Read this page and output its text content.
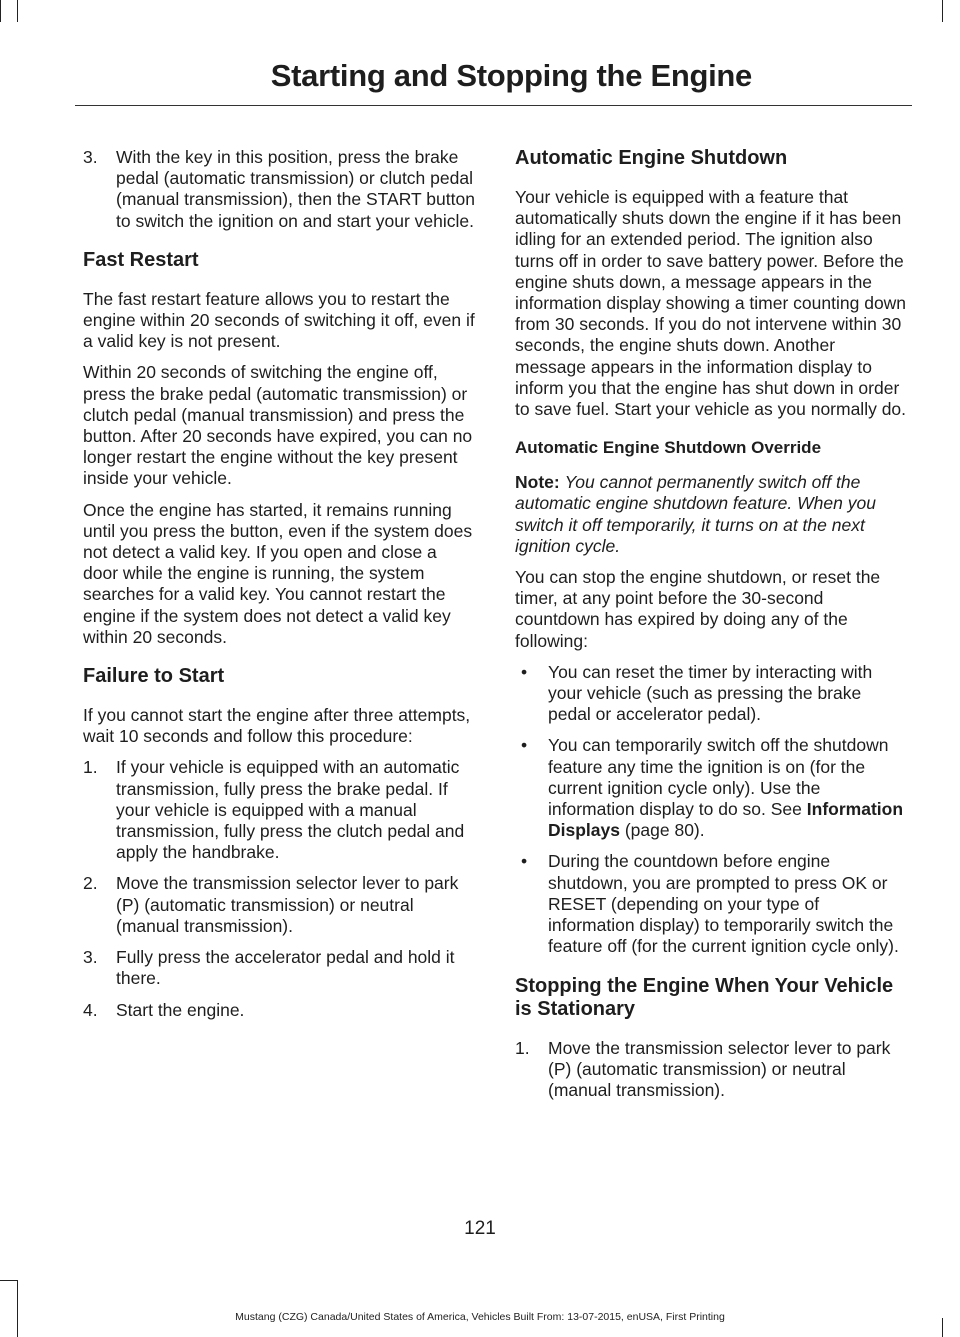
Starting and Stopping the Engine
3. With the key in this position, press the brake pedal (automatic transmission) or clutch pedal (manual transmission), then the START button to switch the ignition on and start your vehicle.
Fast Restart

The fast restart feature allows you to restart the engine within 20 seconds of switching it off, even if a valid key is not present.

Within 20 seconds of switching the engine off, press the brake pedal (automatic transmission) or clutch pedal (manual transmission) and press the button. After 20 seconds have expired, you can no longer restart the engine without the key present inside your vehicle.

Once the engine has started, it remains running until you press the button, even if the system does not detect a valid key. If you open and close a door while the engine is running, the system searches for a valid key. You cannot restart the engine if the system does not detect a valid key within 20 seconds.

Failure to Start

If you cannot start the engine after three attempts, wait 10 seconds and follow this procedure:

1. If your vehicle is equipped with an automatic transmission, fully press the brake pedal. If your vehicle is equipped with a manual transmission, fully press the clutch pedal and apply the handbrake.
2. Move the transmission selector lever to park (P) (automatic transmission) or neutral (manual transmission).
3. Fully press the accelerator pedal and hold it there.
4. Start the engine.
Automatic Engine Shutdown

Your vehicle is equipped with a feature that automatically shuts down the engine if it has been idling for an extended period. The ignition also turns off in order to save battery power. Before the engine shuts down, a message appears in the information display showing a timer counting down from 30 seconds. If you do not intervene within 30 seconds, the engine shuts down. Another message appears in the information display to inform you that the engine has shut down in order to save fuel. Start your vehicle as you normally do.

Automatic Engine Shutdown Override

Note: You cannot permanently switch off the automatic engine shutdown feature. When you switch it off temporarily, it turns on at the next ignition cycle.

You can stop the engine shutdown, or reset the timer, at any point before the 30-second countdown has expired by doing any of the following:

• You can reset the timer by interacting with your vehicle (such as pressing the brake pedal or accelerator pedal).
• You can temporarily switch off the shutdown feature any time the ignition is on (for the current ignition cycle only). Use the information display to do so. See Information Displays (page 80).
• During the countdown before engine shutdown, you are prompted to press OK or RESET (depending on your type of information display) to temporarily switch the feature off (for the current ignition cycle only).
Stopping the Engine When Your Vehicle is Stationary
1. Move the transmission selector lever to park (P) (automatic transmission) or neutral (manual transmission).
121
Mustang (CZG) Canada/United States of America, Vehicles Built From: 13-07-2015, enUSA, First Printing
